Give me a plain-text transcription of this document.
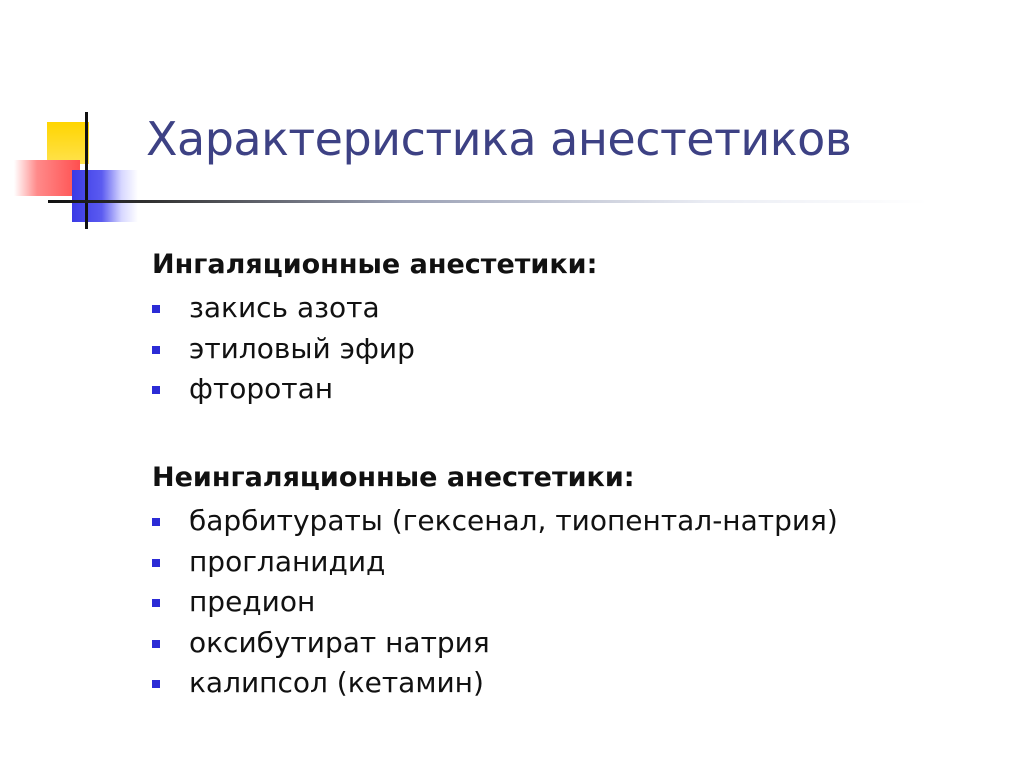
Характеристика анестетиков
Ингаляционные анестетики:
закись азота
этиловый эфир
фторотан
Неингаляционные анестетики:
барбитураты (гексенал, тиопентал-натрия)
прогланидид
предион
оксибутират натрия
калипсол (кетамин)
